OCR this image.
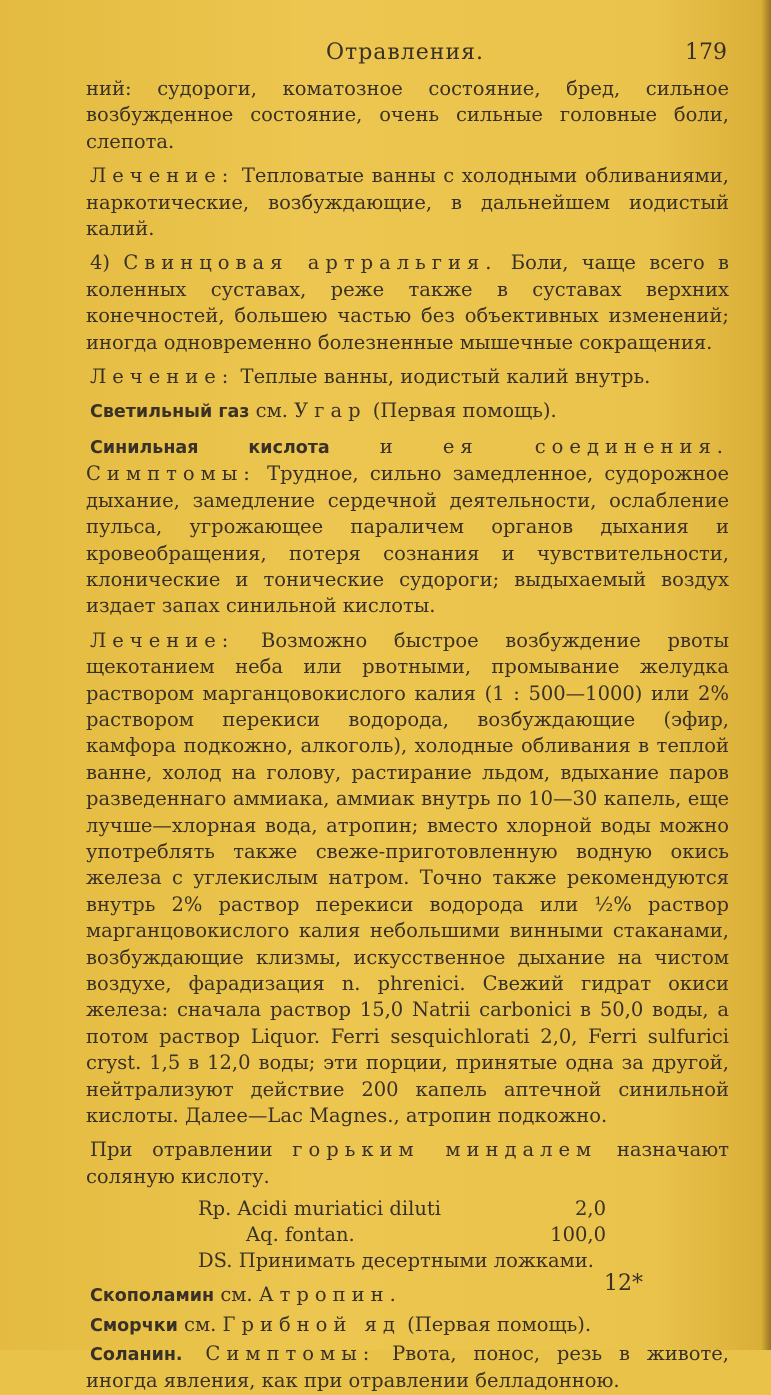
Отравления.	179

ний: судороги, коматозное состояние, бред, сильное возбужденное состояние, очень сильные головные боли, слепота.

Лечение: Тепловатые ванны с холодными обливаниями, наркотические, возбуждающие, в дальнейшем иодистый калий.

4) Свинцовая артральгия. Боли, чаще всего в коленных суставах, реже также в суставах верхних конечностей, большею частью без объективных изменений; иногда одновременно болезненные мышечные сокращения.

Лечение: Теплые ванны, иодистый калий внутрь.

Светильный газ см. Угар (Первая помощь).

Синильная кислота и ея соединения. Симптомы: Трудное, сильно замедленное, судорожное дыхание, замедление сердечной деятельности, ослабление пульса, угрожающее параличем органов дыхания и кровеобращения, потеря сознания и чувствительности, клонические и тонические судороги; выдыхаемый воздух издает запах синильной кислоты.

Лечение: Возможно быстрое возбуждение рвоты щекотанием неба или рвотными, промывание желудка раствором марганцовокислого калия (1 : 500—1000) или 2% раствором перекиси водорода, возбуждающие (эфир, камфора подкожно, алкоголь), холодные обливания в теплой ванне, холод на голову, растирание льдом, вдыхание паров разведеннаго аммиака, аммиак внутрь по 10—30 капель, еще лучше—хлорная вода, атропин; вместо хлорной воды можно употреблять также свеже-приготовленную водную окись железа с углекислым натром. Точно также рекомендуются внутрь 2% раствор перекиси водорода или ½% раствор марганцовокислого калия небольшими винными стаканами, возбуждающие клизмы, искусственное дыхание на чистом воздухе, фарадизация n. phrenici. Свежий гидрат окиси железа: сначала раствор 15,0 Natrii carbonici в 50,0 воды, а потом раствор Liquor. Ferri sesquichlorati 2,0, Ferri sulfurici cryst. 1,5 в 12,0 воды; эти порции, принятые одна за другой, нейтрализуют действие 200 капель аптечной синильной кислоты. Далее—Lac Magnes., атропин подкожно.

При отравлении горьким миндалем назначают соляную кислоту.

Rp. Acidi muriatici diluti	2,0
Aq. fontan.	100,0
DS. Принимать десертными ложками.

Скополамин см. Атропин.

Сморчки см. Грибной яд (Первая помощь).

Соланин. Симптомы: Рвота, понос, резь в животе, иногда явления, как при отравлении белладонною.

12*
